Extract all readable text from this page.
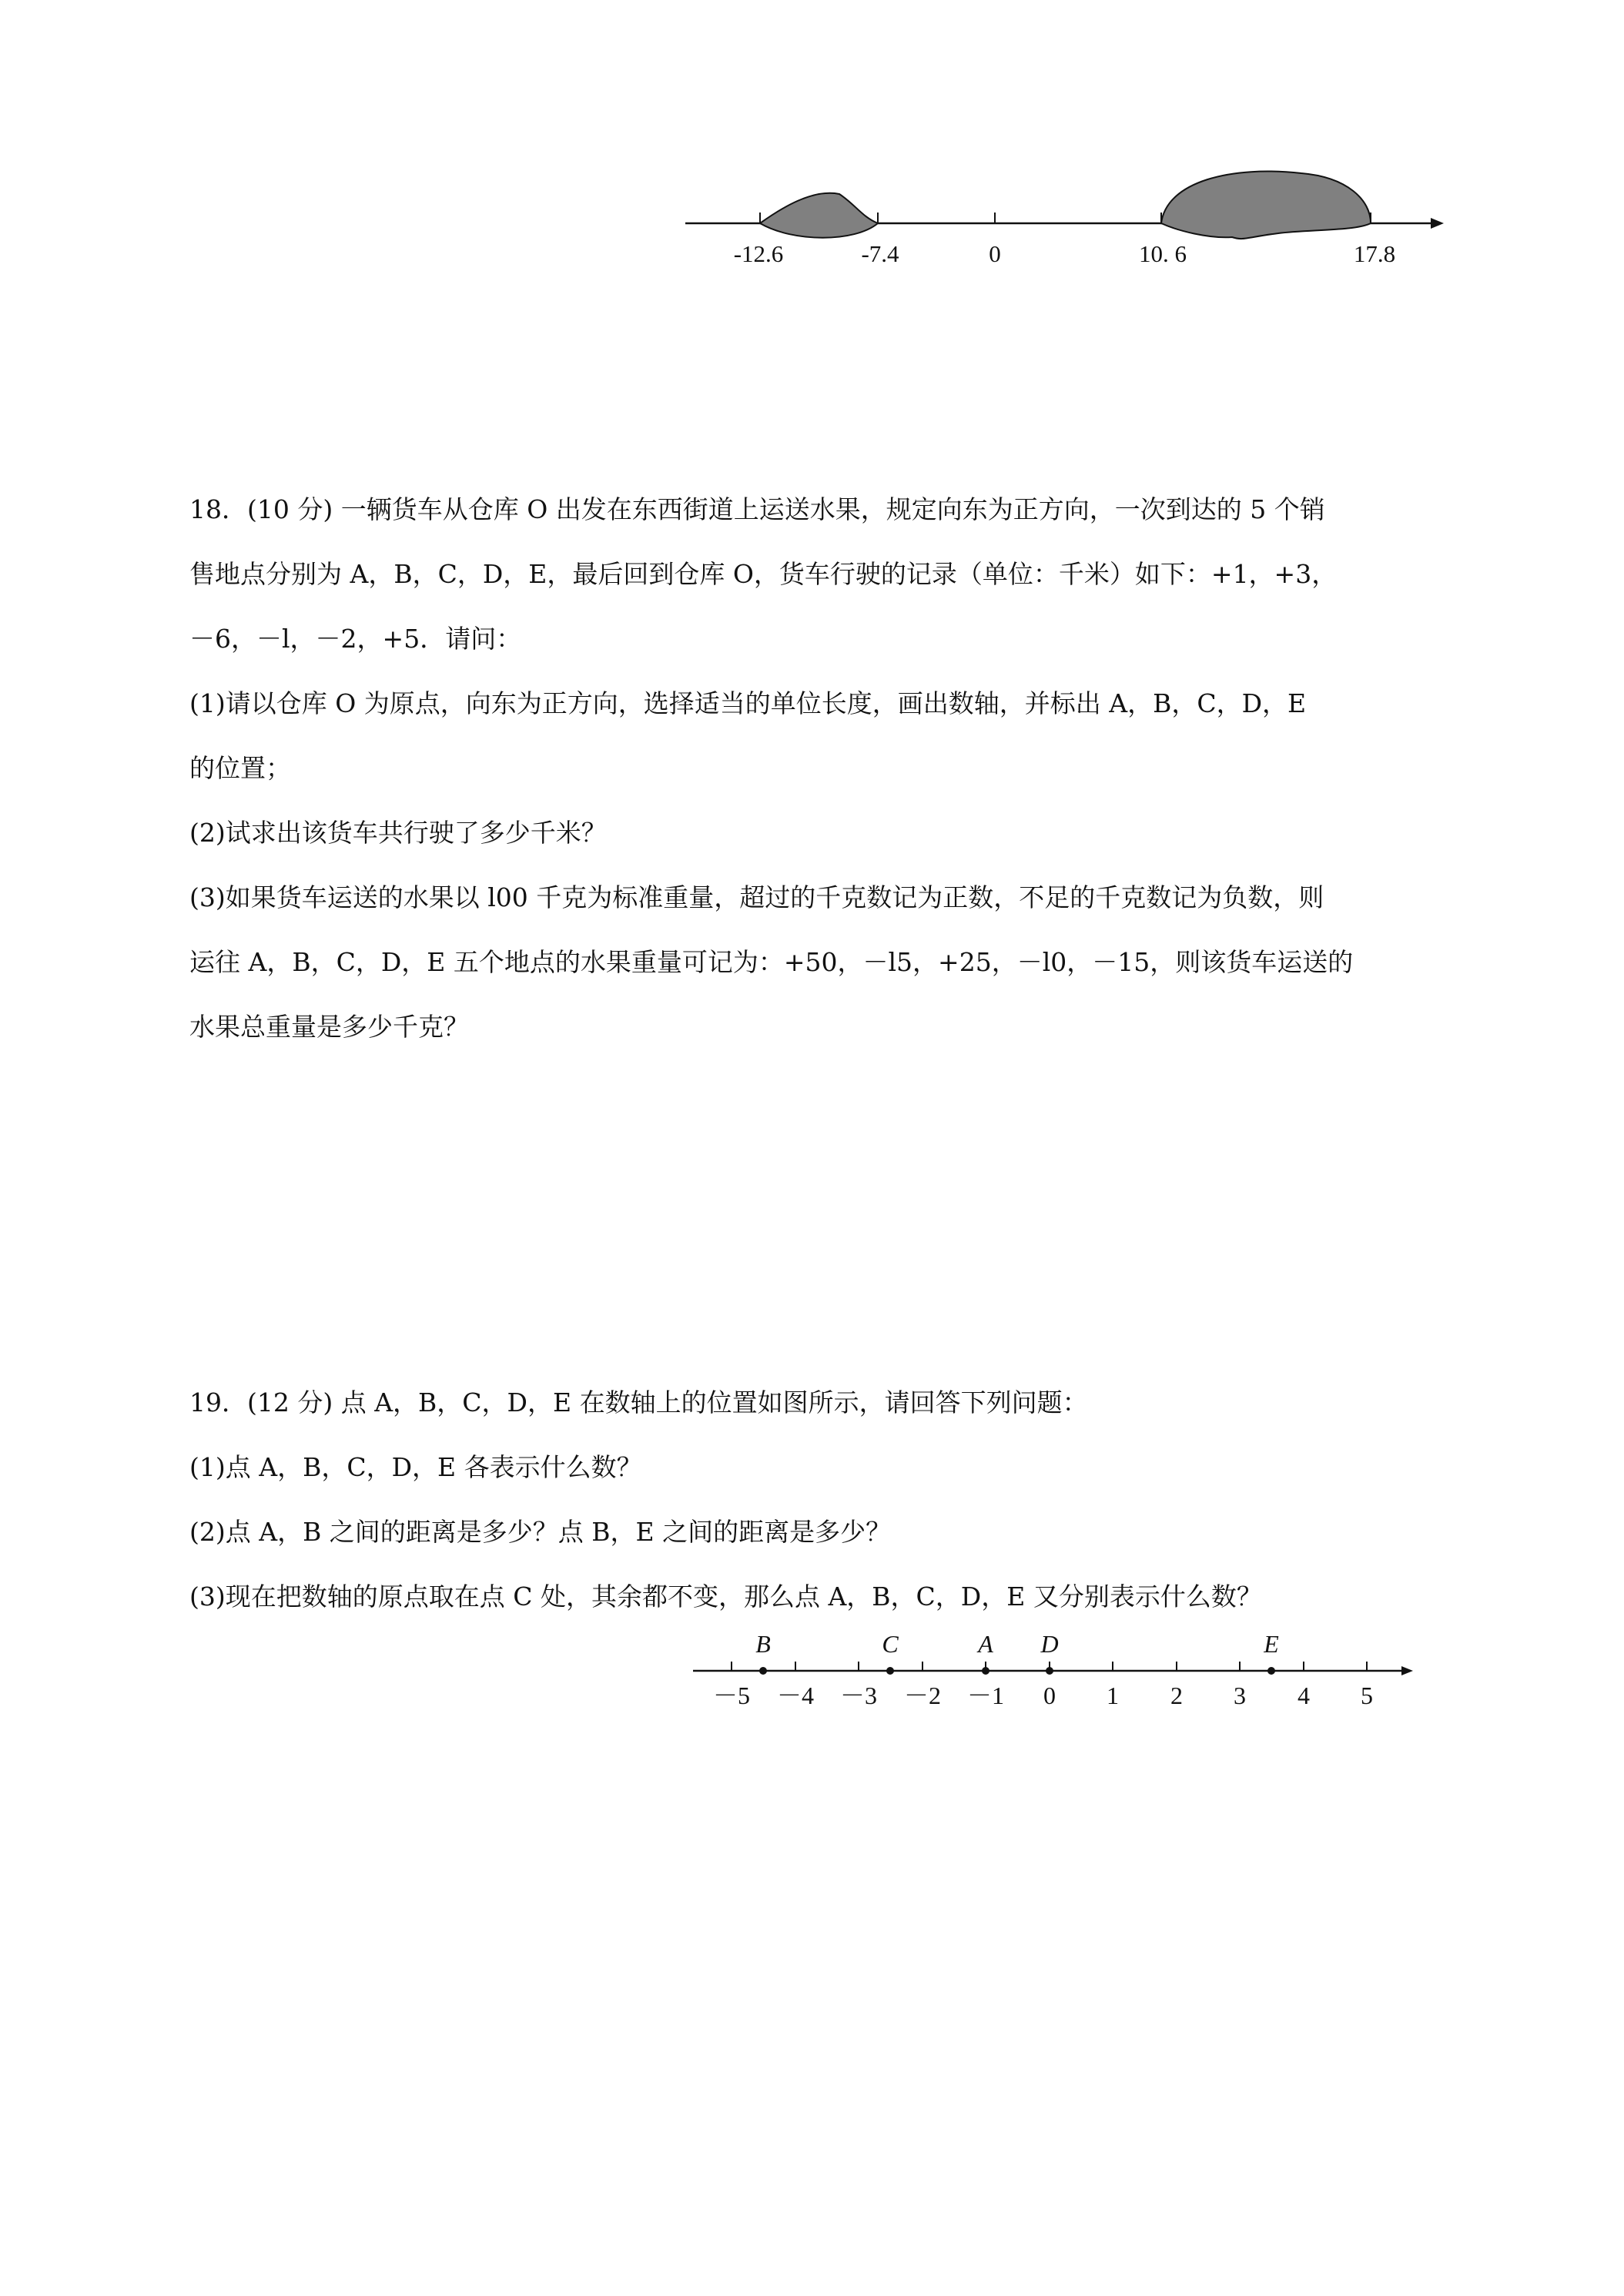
-12.6	-7.4	0	10. 6	17.8
18．(10 分) 一辆货车从仓库 O 出发在东西街道上运送水果，规定向东为正方向，一次到达的 5 个销
售地点分别为 A，B，C，D，E，最后回到仓库 O，货车行驶的记录（单位：千米）如下：+1，+3，
－6，－l，－2，+5．请问：
(1)请以仓库 O 为原点，向东为正方向，选择适当的单位长度，画出数轴，并标出 A，B，C，D，E
的位置；
(2)试求出该货车共行驶了多少千米？
(3)如果货车运送的水果以 l00 千克为标准重量，超过的千克数记为正数，不足的千克数记为负数，则
运往 A，B，C，D，E 五个地点的水果重量可记为：+50，－l5，+25，－l0，－15，则该货车运送的
水果总重量是多少千克？
19．(12 分) 点 A，B，C，D，E 在数轴上的位置如图所示，请回答下列问题：
(1)点 A，B，C，D，E 各表示什么数？
(2)点 A，B 之间的距离是多少？点 B，E 之间的距离是多少？
(3)现在把数轴的原点取在点 C 处，其余都不变，那么点 A，B，C，D，E 又分别表示什么数？
－5 －4 －3 －2 －1 0 1 2 3 4 5
B	C	A D	E
